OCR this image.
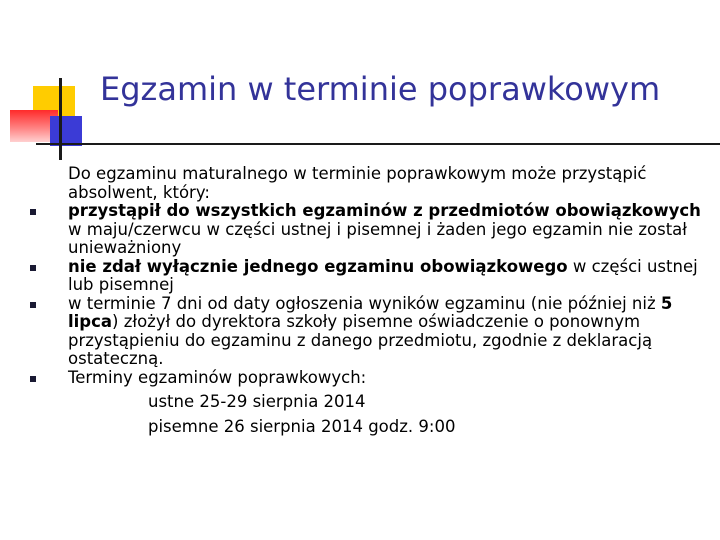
Egzamin w terminie poprawkowym

Do egzaminu maturalnego w terminie poprawkowym może przystąpić absolwent, który:

przystąpił do wszystkich egzaminów z przedmiotów obowiązkowych w maju/czerwcu w części ustnej i pisemnej i żaden jego egzamin nie został unieważniony
nie zdał wyłącznie jednego egzaminu obowiązkowego w części ustnej lub pisemnej
w terminie 7 dni od daty ogłoszenia wyników egzaminu (nie później niż 5 lipca) złożył do dyrektora szkoły pisemne oświadczenie o ponownym przystąpieniu do egzaminu z danego przedmiotu, zgodnie z deklaracją ostateczną.
Terminy egzaminów poprawkowych:
ustne 25-29 sierpnia 2014
pisemne 26 sierpnia 2014 godz. 9:00
